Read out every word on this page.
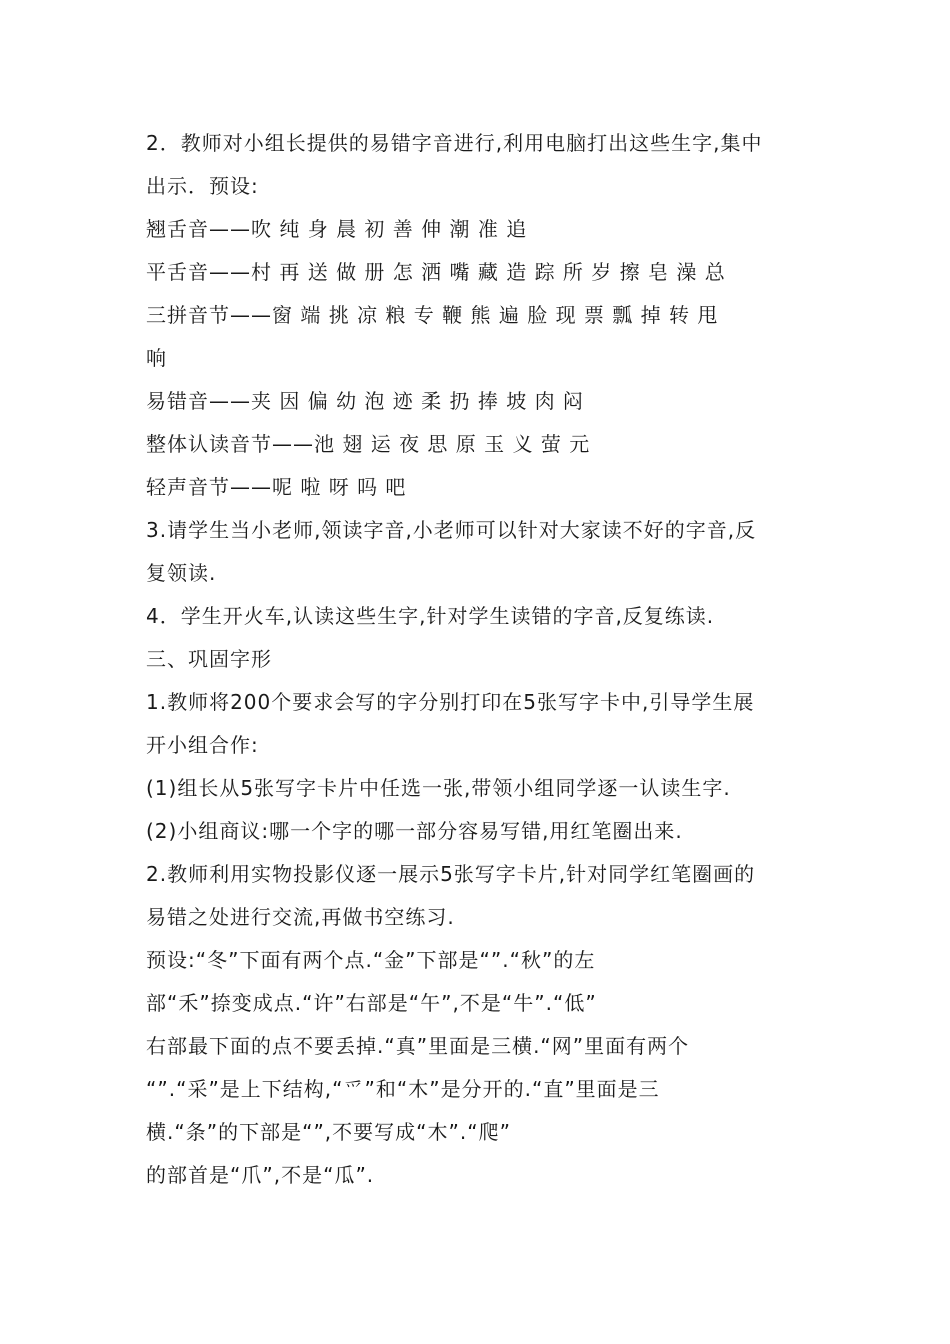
2．教师对小组长提供的易错字音进行,利用电脑打出这些生字,集中
出示．预设:
翘舌音——吹 纯 身 晨 初 善 伸 潮 准 追
平舌音——村 再 送 做 册 怎 洒 嘴 藏 造 踪 所 岁 擦 皂 澡 总
三拼音节——窗 端 挑 凉 粮 专 鞭 熊 遍 脸 现 票 瓢 掉 转 甩
响
易错音——夹 因 偏 幼 泡 迹 柔 扔 捧 坡 肉 闷
整体认读音节——池 翅 运 夜 思 原 玉 义 萤 元
轻声音节——呢 啦 呀 吗 吧
3.请学生当小老师,领读字音,小老师可以针对大家读不好的字音,反
复领读.
4．学生开火车,认读这些生字,针对学生读错的字音,反复练读.
三、巩固字形
1.教师将200个要求会写的字分别打印在5张写字卡中,引导学生展
开小组合作:
(1)组长从5张写字卡片中任选一张,带领小组同学逐一认读生字.
(2)小组商议:哪一个字的哪一部分容易写错,用红笔圈出来.
2.教师利用实物投影仪逐一展示5张写字卡片,针对同学红笔圈画的
易错之处进行交流,再做书空练习.
预设:“冬”下面有两个点.“金”下部是“”.“秋”的左
部“禾”捺变成点.“许”右部是“午”,不是“牛”.“低”
右部最下面的点不要丢掉.“真”里面是三横.“网”里面有两个
“”.“采”是上下结构,“爫”和“木”是分开的.“直”里面是三
横.“条”的下部是“”,不要写成“木”.“爬”
的部首是“爪”,不是“瓜”.
